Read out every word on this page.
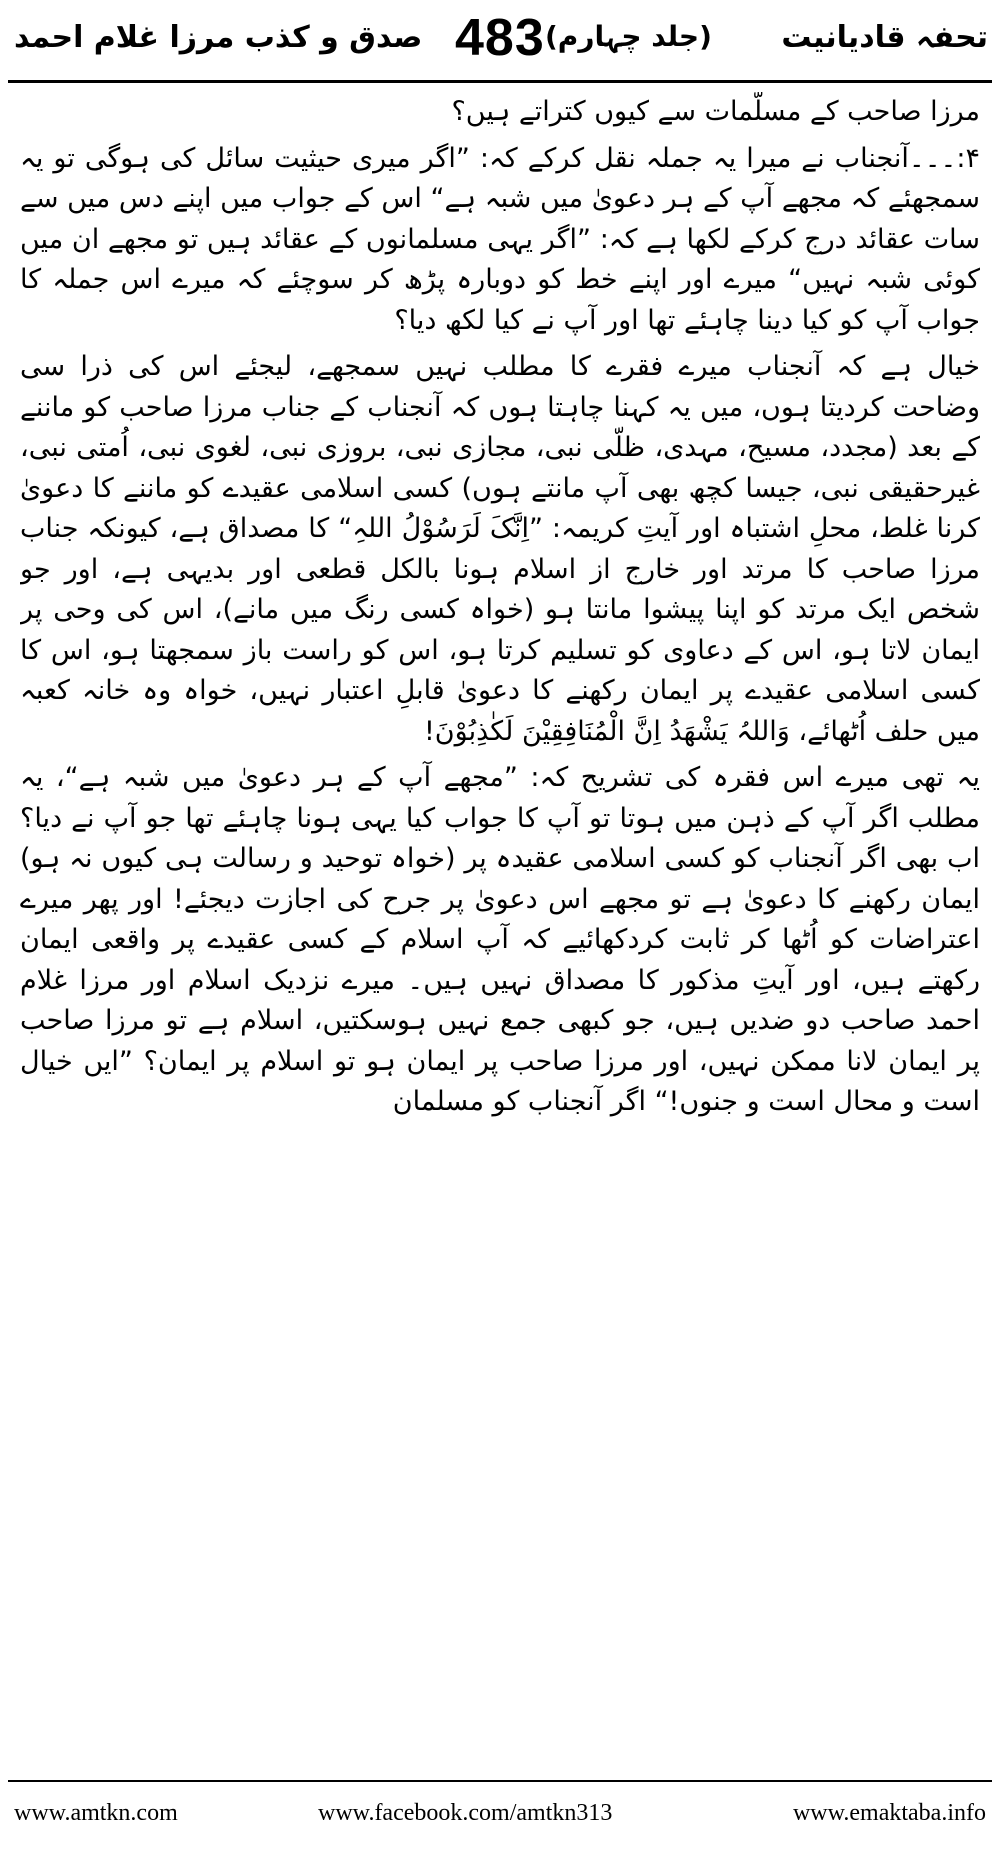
تحفہ قادیانیت
(جلد چہارم)
483
صدق و کذب مرزا غلام احمد

مرزا صاحب کے مسلّمات سے کیوں کتراتے ہیں؟

۴:۔۔۔آنجناب نے میرا یہ جملہ نقل کرکے کہ: ”اگر میری حیثیت سائل کی ہوگی تو یہ سمجھئے کہ مجھے آپ کے ہر دعویٰ میں شبہ ہے“ اس کے جواب میں اپنے دس میں سے سات عقائد درج کرکے لکھا ہے کہ: ”اگر یہی مسلمانوں کے عقائد ہیں تو مجھے ان میں کوئی شبہ نہیں“ میرے اور اپنے خط کو دوبارہ پڑھ کر سوچئے کہ میرے اس جملہ کا جواب آپ کو کیا دینا چاہئے تھا اور آپ نے کیا لکھ دیا؟

خیال ہے کہ آنجناب میرے فقرے کا مطلب نہیں سمجھے، لیجئے اس کی ذرا سی وضاحت کردیتا ہوں، میں یہ کہنا چاہتا ہوں کہ آنجناب کے جناب مرزا صاحب کو ماننے کے بعد (مجدد، مسیح، مہدی، ظلّی نبی، مجازی نبی، بروزی نبی، لغوی نبی، اُمتی نبی، غیرحقیقی نبی، جیسا کچھ بھی آپ مانتے ہوں) کسی اسلامی عقیدے کو ماننے کا دعویٰ کرنا غلط، محلِ اشتباہ اور آیتِ کریمہ: ”اِنَّکَ لَرَسُوْلُ اللہِ“ کا مصداق ہے، کیونکہ جناب مرزا صاحب کا مرتد اور خارج از اسلام ہونا بالکل قطعی اور بدیہی ہے، اور جو شخص ایک مرتد کو اپنا پیشوا مانتا ہو (خواہ کسی رنگ میں مانے)، اس کی وحی پر ایمان لاتا ہو، اس کے دعاوی کو تسلیم کرتا ہو، اس کو راست باز سمجھتا ہو، اس کا کسی اسلامی عقیدے پر ایمان رکھنے کا دعویٰ قابلِ اعتبار نہیں، خواہ وہ خانہ کعبہ میں حلف اُٹھائے، وَاللہُ یَشْھَدُ اِنَّ الْمُنَافِقِیْنَ لَکٰذِبُوْنَ!

یہ تھی میرے اس فقرہ کی تشریح کہ: ”مجھے آپ کے ہر دعویٰ میں شبہ ہے“، یہ مطلب اگر آپ کے ذہن میں ہوتا تو آپ کا جواب کیا یہی ہونا چاہئے تھا جو آپ نے دیا؟ اب بھی اگر آنجناب کو کسی اسلامی عقیدہ پر (خواہ توحید و رسالت ہی کیوں نہ ہو) ایمان رکھنے کا دعویٰ ہے تو مجھے اس دعویٰ پر جرح کی اجازت دیجئے! اور پھر میرے اعتراضات کو اُٹھا کر ثابت کردکھائیے کہ آپ اسلام کے کسی عقیدے پر واقعی ایمان رکھتے ہیں، اور آیتِ مذکور کا مصداق نہیں ہیں۔ میرے نزدیک اسلام اور مرزا غلام احمد صاحب دو ضدیں ہیں، جو کبھی جمع نہیں ہوسکتیں، اسلام ہے تو مرزا صاحب پر ایمان لانا ممکن نہیں، اور مرزا صاحب پر ایمان ہو تو اسلام پر ایمان؟ ”ایں خیال است و محال است و جنوں!“ اگر آنجناب کو مسلمان

www.amtkn.com	www.facebook.com/amtkn313	www.emaktaba.info
